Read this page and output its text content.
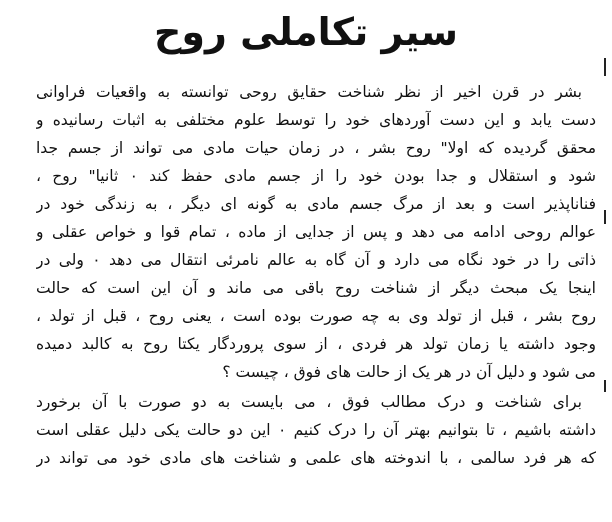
سیر تکاملی روح
بشر در قرن اخیر از نظر شناخت حقایق روحی توانسته به واقعیات فراوانی
دست یابد و این دست آوردهای خود را توسط علوم مختلفی به اثبات رسانیده و
محقق گردیده که اولا" روح بشر ، در زمان حیات مادی می تواند از جسم جدا
شود و استقلال و جدا بودن خود را از جسم مادی حفظ کند ۰ ثانیا" روح ،
فناناپذیر است و بعد از مرگ جسم مادی به گونه ای دیگر ، به زندگی خود در
عوالم روحی ادامه می دهد و پس از جدایی از ماده ، تمام قوا و خواص عقلی و
ذاتی را در خود نگاه می دارد و آن گاه به عالم نامرئی انتقال می دهد ۰ ولی در
اینجا یک مبحث دیگر از شناخت روح باقی می ماند و آن این است که حالت
روح بشر ، قبل از تولد وی به چه صورت بوده است ، یعنی روح ، قبل از تولد ،
وجود داشته یا زمان تولد هر فردی ، از سوی پروردگار یکتا روح به کالبد دمیده
می شود و دلیل آن در هر یک از حالت های فوق ، چیست ؟
برای شناخت و درک مطالب فوق ، می بایست به دو صورت با آن برخورد
داشته باشیم ، تا بتوانیم بهتر آن را درک کنیم ۰ این دو حالت یکی دلیل عقلی است
که هر فرد سالمی ، با اندوخته های علمی و شناخت های مادی خود می تواند در
